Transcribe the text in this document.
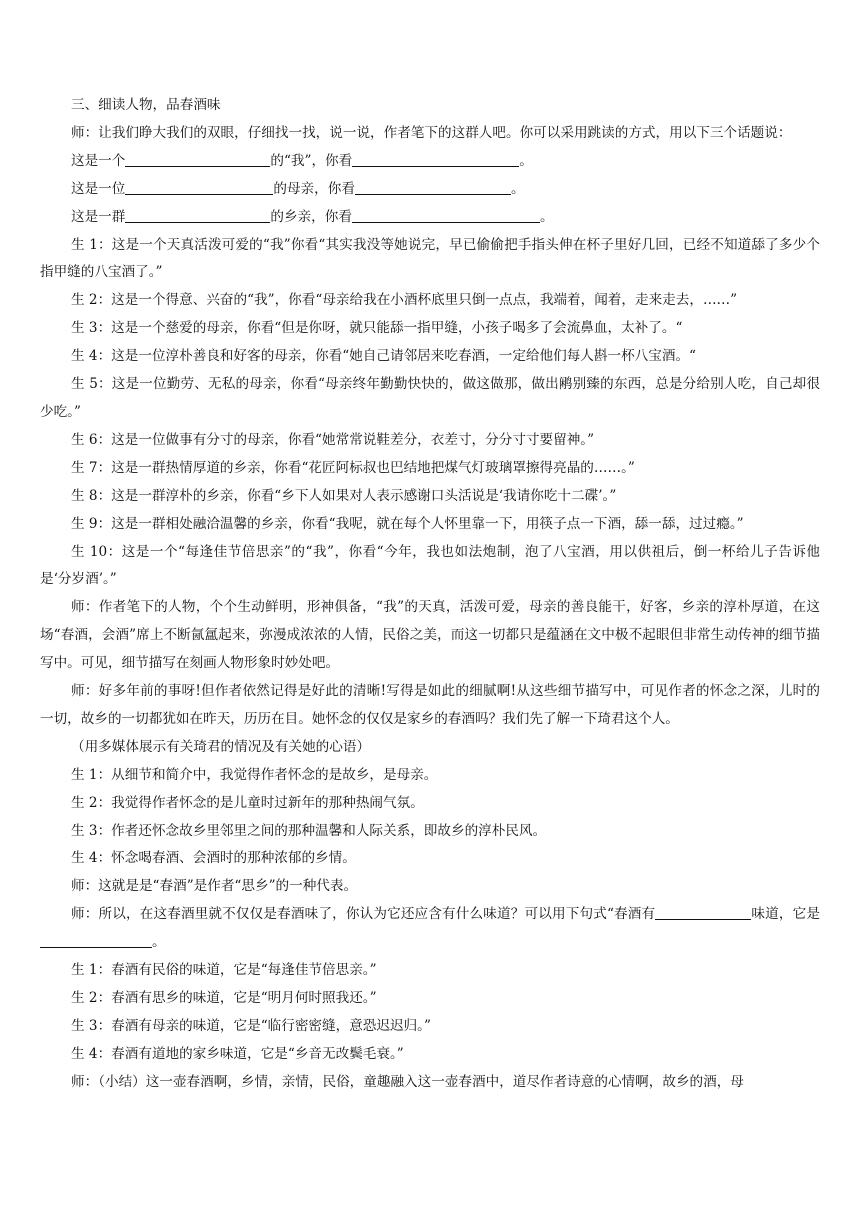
三、细读人物，品春酒味

师：让我们睁大我们的双眼，仔细找一找，说一说，作者笔下的这群人吧。你可以采用跳读的方式，用以下三个话题说：

这是一个	的“我”，你看	。

这是一位	的母亲，你看	。

这是一群	的乡亲，你看	。

生 1：这是一个天真活泼可爱的“我”你看“其实我没等她说完，早已偷偷把手指头伸在杯子里好几回，已经不知道舔了多少个指甲缝的八宝酒了。”

生 2：这是一个得意、兴奋的“我”，你看“母亲给我在小酒杯底里只倒一点点，我端着，闻着，走来走去，……”

生 3：这是一个慈爱的母亲，你看“但是你呀，就只能舔一指甲缝，小孩子喝多了会流鼻血，太补了。“

生 4：这是一位淳朴善良和好客的母亲，你看“她自己请邻居来吃春酒，一定给他们每人斟一杯八宝酒。“

生 5：这是一位勤劳、无私的母亲，你看“母亲终年勤勤快快的，做这做那，做出鹇别臻的东西，总是分给别人吃，自己却很少吃。”

生 6：这是一位做事有分寸的母亲，你看“她常常说鞋差分，衣差寸，分分寸寸要留神。”

生 7：这是一群热情厚道的乡亲，你看“花匠阿标叔也巴结地把煤气灯玻璃罩擦得亮晶的……。”

生 8：这是一群淳朴的乡亲，你看“乡下人如果对人表示感谢口头活说是‘我请你吃十二碟’。”

生 9：这是一群相处融洽温馨的乡亲，你看“我呢，就在每个人怀里靠一下，用筷子点一下酒，舔一舔，过过瘾。”

生 10：这是一个“每逢佳节倍思亲”的“我”，你看“今年，我也如法炮制，泡了八宝酒，用以供祖后，倒一杯给儿子告诉他是‘分岁酒’。”

师：作者笔下的人物，个个生动鲜明，形神俱备，“我”的天真，活泼可爱，母亲的善良能干，好客，乡亲的淳朴厚道，在这场“春酒，会酒”席上不断氤氲起来，弥漫成浓浓的人情，民俗之美，而这一切都只是蕴涵在文中极不起眼但非常生动传神的细节描写中。可见，细节描写在刻画人物形象时妙处吧。

师：好多年前的事呀!但作者依然记得是好此的清晰!写得是如此的细腻啊!从这些细节描写中，可见作者的怀念之深，儿时的一切，故乡的一切都犹如在昨天，历历在目。她怀念的仅仅是家乡的春酒吗？我们先了解一下琦君这个人。

（用多媒体展示有关琦君的情况及有关她的心语）

生 1：从细节和简介中，我觉得作者怀念的是故乡，是母亲。

生 2：我觉得作者怀念的是儿童时过新年的那种热闹气氛。

生 3：作者还怀念故乡里邻里之间的那种温馨和人际关系，即故乡的淳朴民风。

生 4：怀念喝春酒、会酒时的那种浓郁的乡情。

师：这就是是“春酒”是作者“思乡”的一种代表。

师：所以，在这春酒里就不仅仅是春酒味了，你认为它还应含有什么味道？可以用下句式“春酒有	味道，它是。

生 1：春酒有民俗的味道，它是“每逢佳节倍思亲。”

生 2：春酒有思乡的味道，它是“明月何时照我还。”

生 3：春酒有母亲的味道，它是“临行密密缝，意恐迟迟归。”

生 4：春酒有道地的家乡味道，它是“乡音无改鬓毛衰。”

师：（小结）这一壶春酒啊，乡情，亲情，民俗，童趣融入这一壶春酒中，道尽作者诗意的心情啊，故乡的酒，母
